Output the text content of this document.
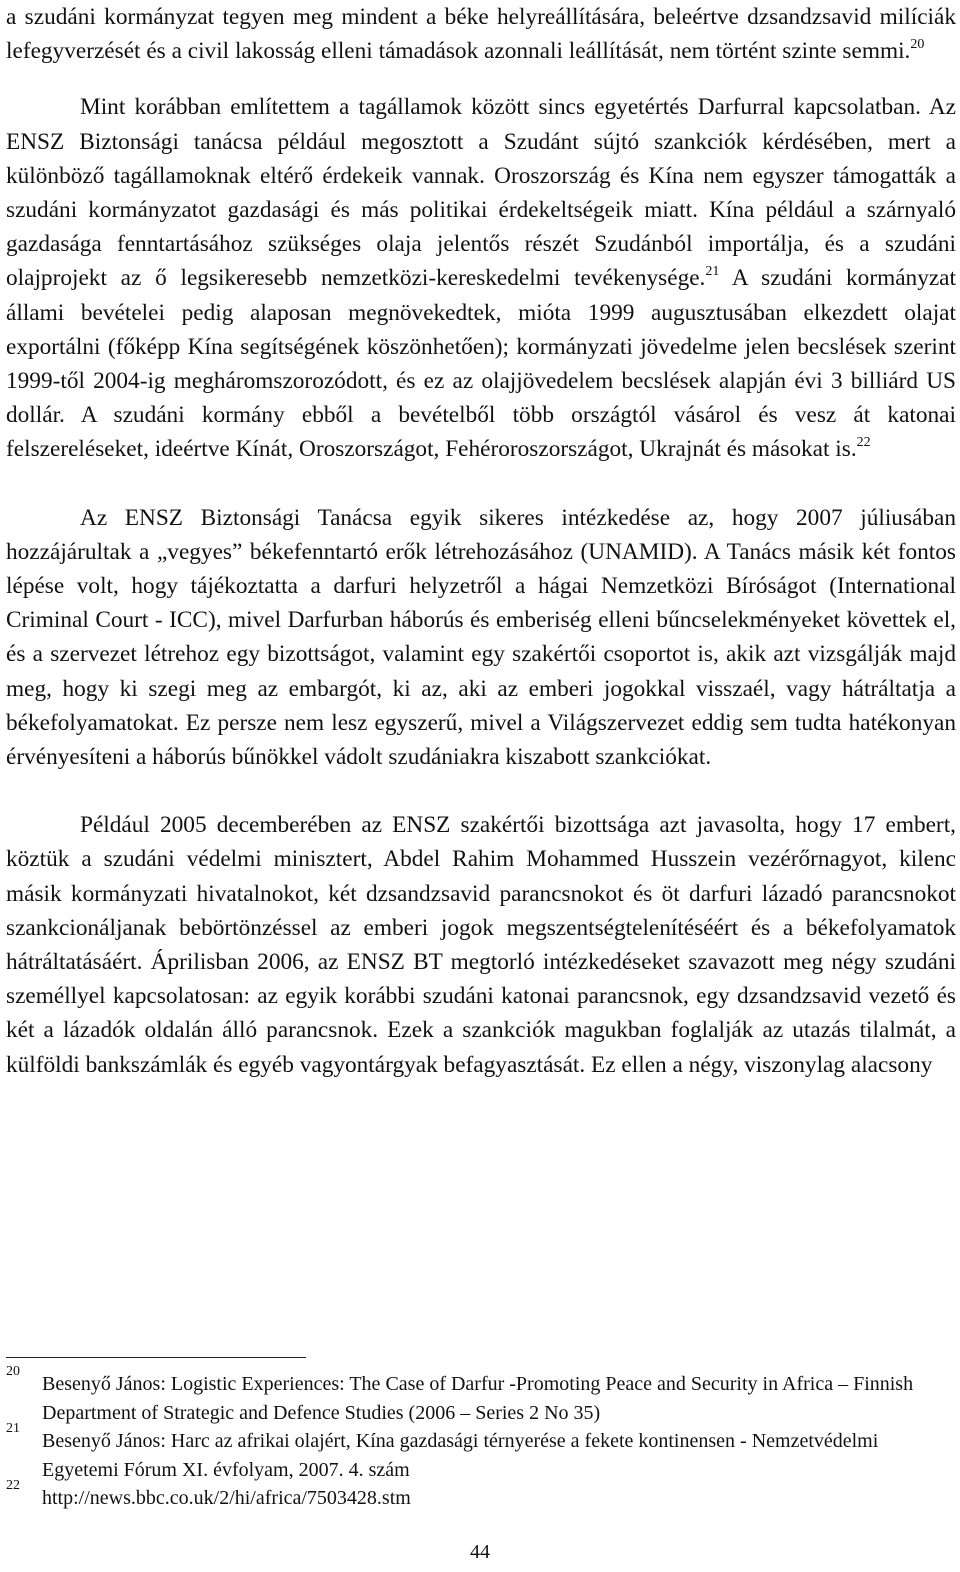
a szudáni kormányzat tegyen meg mindent a béke helyreállítására, beleértve dzsandzsavid milíciák lefegyverzését és a civil lakosság elleni támadások azonnali leállítását, nem történt szinte semmi.$^{20}$

Mint korábban említettem a tagállamok között sincs egyetértés Darfurral kapcsolatban. Az ENSZ Biztonsági tanácsa például megosztott a Szudánt sújtó szankciók kérdésében, mert a különböző tagállamoknak eltérő érdekeik vannak. Oroszország és Kína nem egyszer támogatták a szudáni kormányzatot gazdasági és más politikai érdekeltségeik miatt. Kína például a szárnyaló gazdasága fenntartásához szükséges olaja jelentős részét Szudánból importálja, és a szudáni olajprojekt az ő legsikeresebb nemzetközi-kereskedelmi tevékenysége.$^{21}$ A szudáni kormányzat állami bevételei pedig alaposan megnövekedtek, mióta 1999 augusztusában elkezdett olajat exportálni (főképp Kína segítségének köszönhetően); kormányzati jövedelme jelen becslések szerint 1999-től 2004-ig megháromszorozódott, és ez az olajjövedelem becslések alapján évi 3 billiárd US dollár. A szudáni kormány ebből a bevételből több országtól vásárol és vesz át katonai felszereléseket, ideértve Kínát, Oroszországot, Fehéroroszországot, Ukrajnát és másokat is.$^{22}$

Az ENSZ Biztonsági Tanácsa egyik sikeres intézkedése az, hogy 2007 júliusában hozzájárultak a „vegyes” békefenntartó erők létrehozásához (UNAMID). A Tanács másik két fontos lépése volt, hogy tájékoztatta a darfuri helyzetről a hágai Nemzetközi Bíróságot (International Criminal Court - ICC), mivel Darfurban háborús és emberiség elleni bűncselekményeket követtek el, és a szervezet létrehoz egy bizottságot, valamint egy szakértői csoportot is, akik azt vizsgálják majd meg, hogy ki szegi meg az embargót, ki az, aki az emberi jogokkal visszaél, vagy hátráltatja a békefolyamatokat. Ez persze nem lesz egyszerű, mivel a Világszervezet eddig sem tudta hatékonyan érvényesíteni a háborús bűnökkel vádolt szudániakra kiszabott szankciókat.

Például 2005 decemberében az ENSZ szakértői bizottsága azt javasolta, hogy 17 embert, köztük a szudáni védelmi minisztert, Abdel Rahim Mohammed Husszein vezérőrnagyot, kilenc másik kormányzati hivatalnokot, két dzsandzsavid parancsnokot és öt darfuri lázadó parancsnokot szankcionáljanak bebörtönzéssel az emberi jogok megszentségtelenítéséért és a békefolyamatok hátráltatásáért. Áprilisban 2006, az ENSZ BT megtorló intézkedéseket szavazott meg négy szudáni személlyel kapcsolatosan: az egyik korábbi szudáni katonai parancsnok, egy dzsandzsavid vezető és két a lázadók oldalán álló parancsnok. Ezek a szankciók magukban foglalják az utazás tilalmát, a külföldi bankszámlák és egyéb vagyontárgyak befagyasztását. Ez ellen a négy, viszonylag alacsony

20
Besenyő János: Logistic Experiences: The Case of Darfur -Promoting Peace and Security in Africa – Finnish Department of Strategic and Defence Studies (2006 – Series 2 No 35)

21
Besenyő János: Harc az afrikai olajért, Kína gazdasági térnyerése a fekete kontinensen - Nemzetvédelmi Egyetemi Fórum XI. évfolyam, 2007. 4. szám

22
http://news.bbc.co.uk/2/hi/africa/7503428.stm

44
